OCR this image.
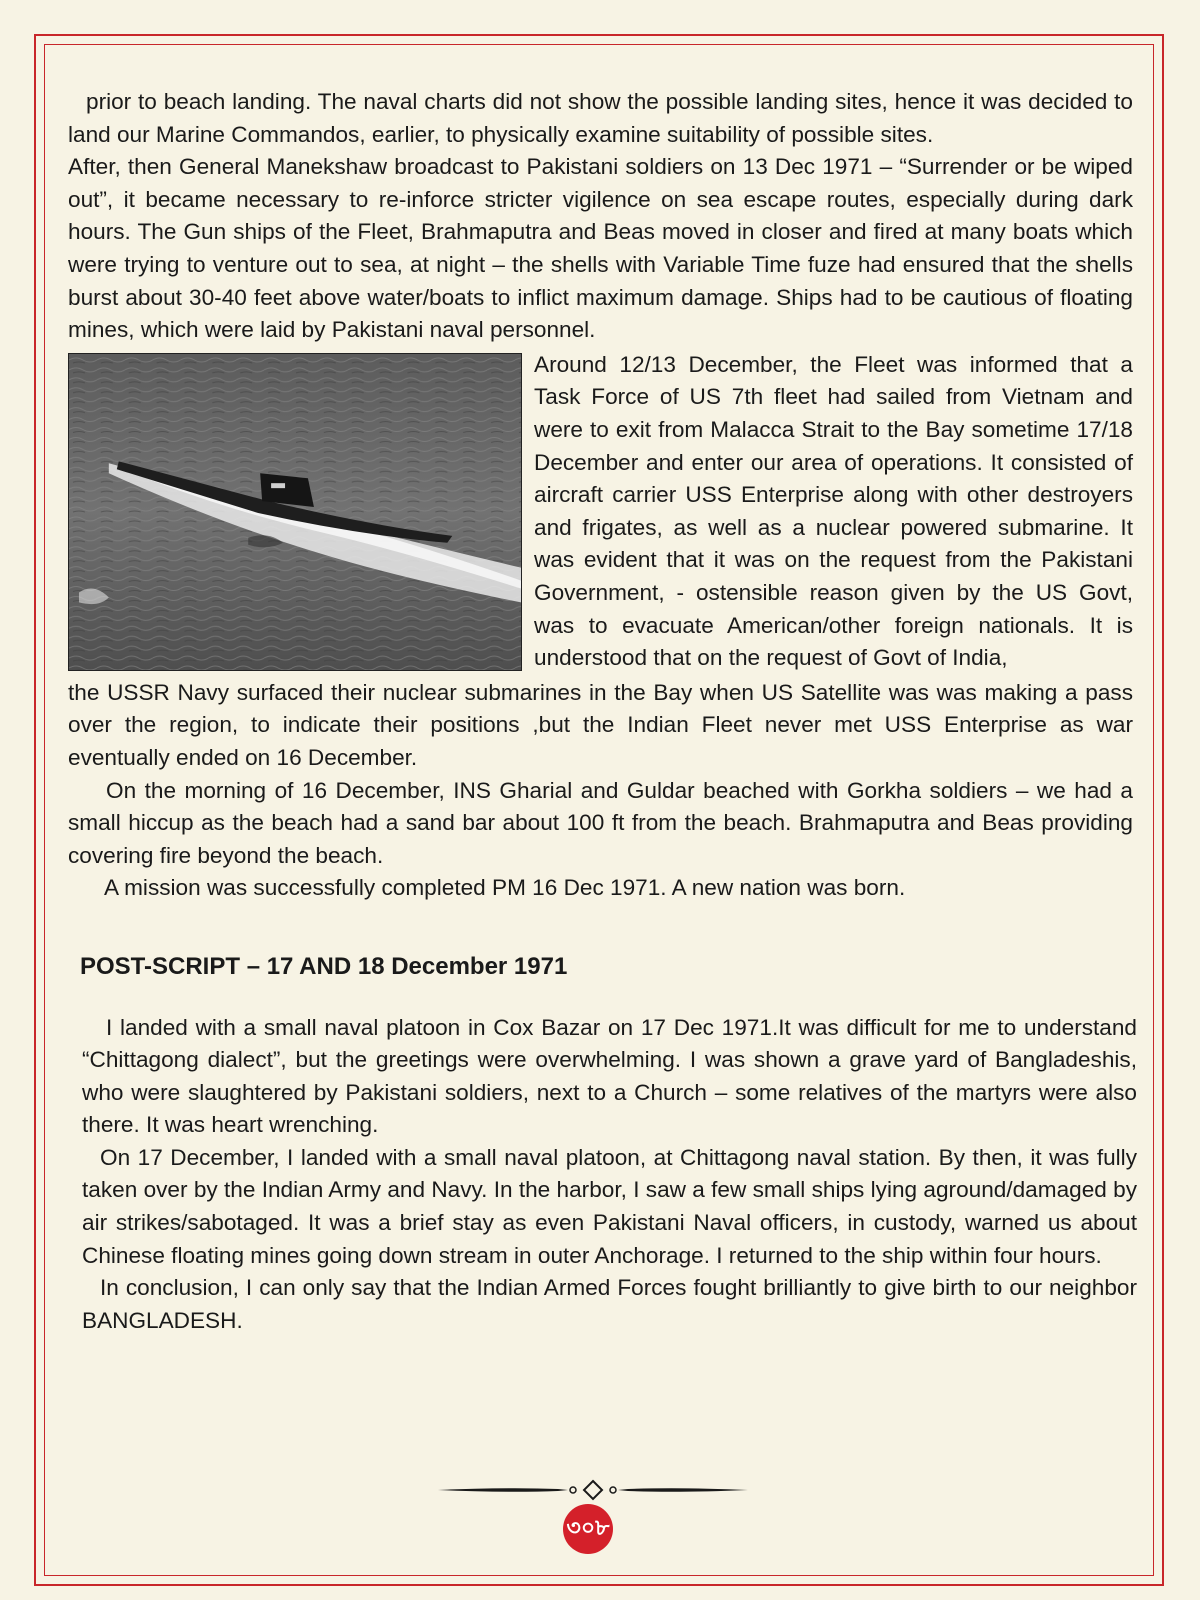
prior to beach landing. The naval charts did not show the possible landing sites, hence it was decided to land our Marine Commandos, earlier, to physically examine suitability of possible sites.

After, then General Manekshaw broadcast to Pakistani soldiers on 13 Dec 1971 – “Surrender or be wiped out”, it became necessary to re-inforce stricter vigilence on sea escape routes, especially during dark hours. The Gun ships of the Fleet, Brahmaputra and Beas moved in closer and fired at many boats which were trying to venture out to sea, at night – the shells with Variable Time fuze had ensured that the shells burst about 30-40 feet above water/boats to inflict maximum damage. Ships had to be cautious of floating mines, which were laid by Pakistani naval personnel.

Around 12/13 December, the Fleet was informed that a Task Force of US 7th fleet had sailed from Vietnam and were to exit from Malacca Strait to the Bay sometime 17/18 December and enter our area of operations. It consisted of aircraft carrier USS Enterprise along with other destroyers and frigates, as well as a nuclear powered submarine. It was evident that it was on the request from the Pakistani Government, - ostensible reason given by the US Govt, was to evacuate American/other foreign nationals. It is understood that on the request of Govt of India,

the USSR Navy surfaced their nuclear submarines in the Bay when US Satellite was was making a pass over the region, to indicate their positions ,but the Indian Fleet never met USS Enterprise as war eventually ended on 16 December.

On the morning of 16 December, INS Gharial and Guldar beached with Gorkha soldiers – we had a small hiccup as the beach had a sand bar about 100 ft from the beach. Brahmaputra and Beas providing covering fire beyond the beach.

A mission was successfully completed PM 16 Dec 1971. A new nation was born.

POST-SCRIPT – 17 AND 18 December 1971

I landed with a small naval platoon in Cox Bazar on 17 Dec 1971.It was difficult for me to understand “Chittagong dialect”, but the greetings were overwhelming. I was shown a grave yard of Bangladeshis, who were slaughtered by Pakistani soldiers, next to a Church – some relatives of the martyrs were also there. It was heart wrenching.

On 17 December, I landed with a small naval platoon, at Chittagong naval station. By then, it was fully taken over by the Indian Army and Navy. In the harbor, I saw a few small ships lying aground/damaged by air strikes/sabotaged. It was a brief stay as even Pakistani Naval officers, in custody, warned us about Chinese floating mines going down stream in outer Anchorage. I returned to the ship within four hours.

In conclusion, I can only say that the Indian Armed Forces fought brilliantly to give birth to our neighbor BANGLADESH.

৩০৮
